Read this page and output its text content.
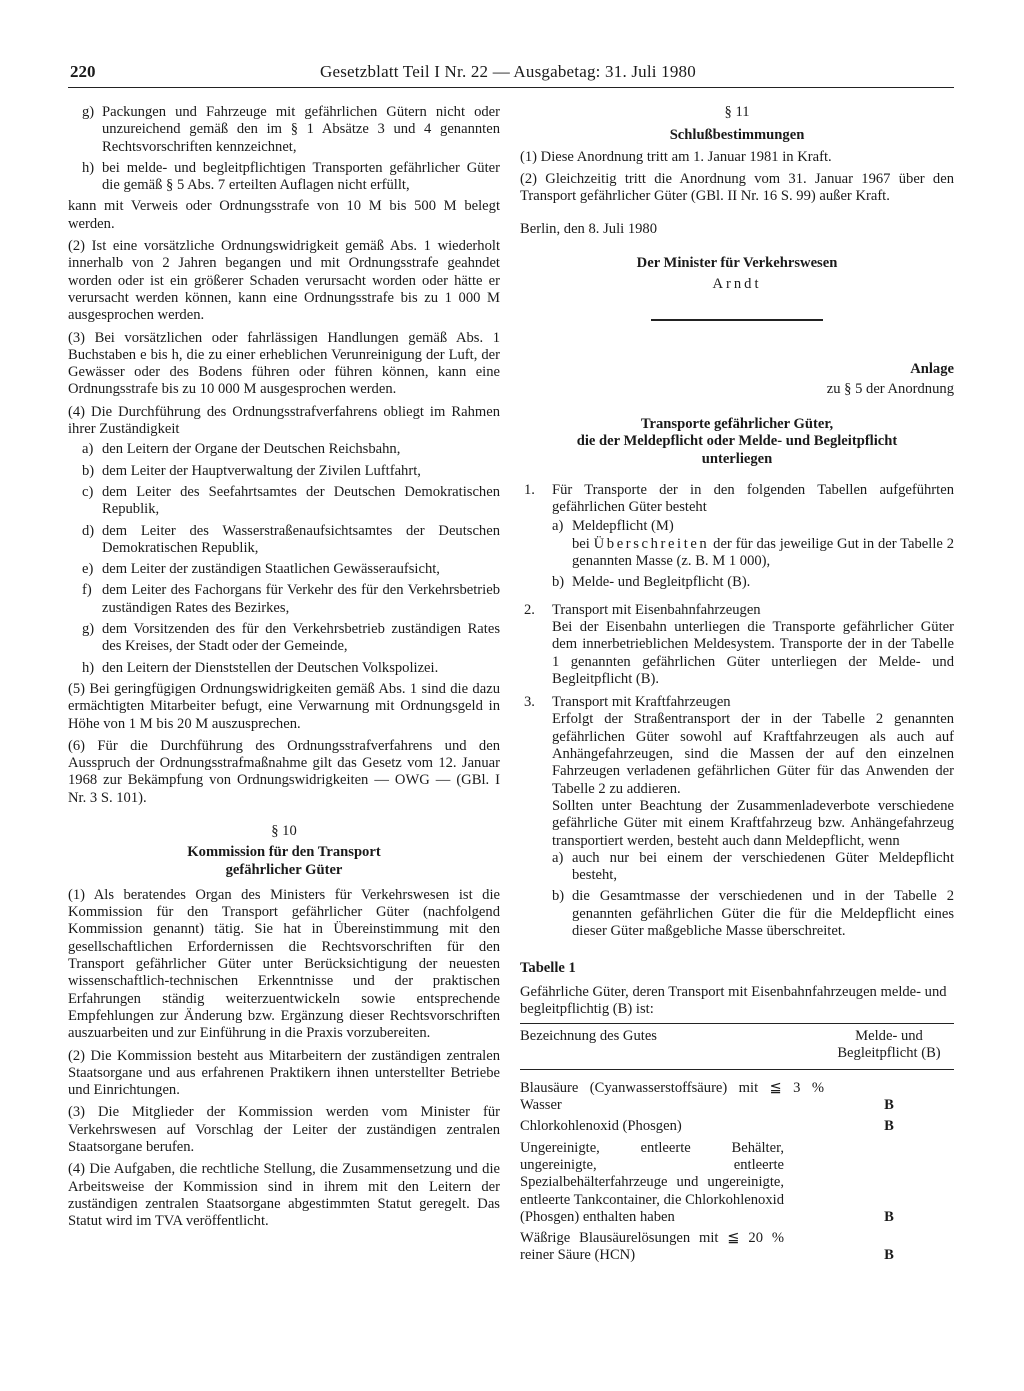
220	Gesetzblatt Teil I Nr. 22 — Ausgabetag: 31. Juli 1980
g) Packungen und Fahrzeuge mit gefährlichen Gütern nicht oder unzureichend gemäß den im § 1 Absätze 3 und 4 genannten Rechtsvorschriften kennzeichnet,
h) bei melde- und begleitpflichtigen Transporten gefährlicher Güter die gemäß § 5 Abs. 7 erteilten Auflagen nicht erfüllt,

kann mit Verweis oder Ordnungsstrafe von 10 M bis 500 M belegt werden.

(2) Ist eine vorsätzliche Ordnungswidrigkeit gemäß Abs. 1 wiederholt innerhalb von 2 Jahren begangen und mit Ordnungsstrafe geahndet worden oder ist ein größerer Schaden verursacht worden oder hätte er verursacht werden können, kann eine Ordnungsstrafe bis zu 1 000 M ausgesprochen werden.

(3) Bei vorsätzlichen oder fahrlässigen Handlungen gemäß Abs. 1 Buchstaben e bis h, die zu einer erheblichen Verunreinigung der Luft, der Gewässer oder des Bodens führen oder führen können, kann eine Ordnungsstrafe bis zu 10 000 M ausgesprochen werden.

(4) Die Durchführung des Ordnungsstrafverfahrens obliegt im Rahmen ihrer Zuständigkeit

a) den Leitern der Organe der Deutschen Reichsbahn,
b) dem Leiter der Hauptverwaltung der Zivilen Luftfahrt,
c) dem Leiter des Seefahrtsamtes der Deutschen Demokratischen Republik,
d) dem Leiter des Wasserstraßenaufsichtsamtes der Deutschen Demokratischen Republik,
e) dem Leiter der zuständigen Staatlichen Gewässeraufsicht,
f) dem Leiter des Fachorgans für Verkehr des für den Verkehrsbetrieb zuständigen Rates des Bezirkes,
g) dem Vorsitzenden des für den Verkehrsbetrieb zuständigen Rates des Kreises, der Stadt oder der Gemeinde,
h) den Leitern der Dienststellen der Deutschen Volkspolizei.

(5) Bei geringfügigen Ordnungswidrigkeiten gemäß Abs. 1 sind die dazu ermächtigten Mitarbeiter befugt, eine Verwarnung mit Ordnungsgeld in Höhe von 1 M bis 20 M auszusprechen.

(6) Für die Durchführung des Ordnungsstrafverfahrens und den Ausspruch der Ordnungsstrafmaßnahme gilt das Gesetz vom 12. Januar 1968 zur Bekämpfung von Ordnungswidrigkeiten — OWG — (GBl. I Nr. 3 S. 101).

§ 10
Kommission für den Transport
gefährlicher Güter

(1) Als beratendes Organ des Ministers für Verkehrswesen ist die Kommission für den Transport gefährlicher Güter (nachfolgend Kommission genannt) tätig. Sie hat in Übereinstimmung mit den gesellschaftlichen Erfordernissen die Rechtsvorschriften für den Transport gefährlicher Güter unter Berücksichtigung der neuesten wissenschaftlich-technischen Erkenntnisse und der praktischen Erfahrungen ständig weiterzuentwickeln sowie entsprechende Empfehlungen zur Änderung bzw. Ergänzung dieser Rechtsvorschriften auszuarbeiten und zur Einführung in die Praxis vorzubereiten.

(2) Die Kommission besteht aus Mitarbeitern der zuständigen zentralen Staatsorgane und aus erfahrenen Praktikern ihnen unterstellter Betriebe und Einrichtungen.

(3) Die Mitglieder der Kommission werden vom Minister für Verkehrswesen auf Vorschlag der Leiter der zuständigen zentralen Staatsorgane berufen.

(4) Die Aufgaben, die rechtliche Stellung, die Zusammensetzung und die Arbeitsweise der Kommission sind in ihrem mit den Leitern der zuständigen zentralen Staatsorgane abgestimmten Statut geregelt. Das Statut wird im TVA veröffentlicht.

§ 11
Schlußbestimmungen

(1) Diese Anordnung tritt am 1. Januar 1981 in Kraft.

(2) Gleichzeitig tritt die Anordnung vom 31. Januar 1967 über den Transport gefährlicher Güter (GBl. II Nr. 16 S. 99) außer Kraft.

Berlin, den 8. Juli 1980

Der Minister für Verkehrswesen
Arndt

Anlage

zu § 5 der Anordnung

Transporte gefährlicher Güter,
die der Meldepflicht oder Melde- und Begleitpflicht
unterliegen
1.	Für Transporte der in den folgenden Tabellen aufgeführten gefährlichen Güter besteht
a) Meldepflicht (M)
bei Überschreiten der für das jeweilige Gut in der Tabelle 2 genannten Masse (z. B. M 1 000),
b) Melde- und Begleitpflicht (B).
2.	Transport mit Eisenbahnfahrzeugen
Bei der Eisenbahn unterliegen die Transporte gefährlicher Güter dem innerbetrieblichen Meldesystem. Transporte der in der Tabelle 1 genannten gefährlichen Güter unterliegen der Melde- und Begleitpflicht (B).
3.	Transport mit Kraftfahrzeugen
Erfolgt der Straßentransport der in der Tabelle 2 genannten gefährlichen Güter sowohl auf Kraftfahrzeugen als auch auf Anhängefahrzeugen, sind die Massen der auf den einzelnen Fahrzeugen verladenen gefährlichen Güter für das Anwenden der Tabelle 2 zu addieren.
Sollten unter Beachtung der Zusammenladeverbote verschiedene gefährliche Güter mit einem Kraftfahrzeug bzw. Anhängefahrzeug transportiert werden, besteht auch dann Meldepflicht, wenn
a) auch nur bei einem der verschiedenen Güter Meldepflicht besteht,
b) die Gesamtmasse der verschiedenen und in der Tabelle 2 genannten gefährlichen Güter die für die Meldepflicht eines dieser Güter maßgebliche Masse überschreitet.
Tabelle 1

Gefährliche Güter, deren Transport mit Eisenbahnfahrzeugen melde- und begleitpflichtig (B) ist:

Bezeichnung des Gutes	Melde- und
Begleitpflicht (B)

Blausäure (Cyanwasserstoffsäure) mit ≦ 3 % Wasser	B
Chlorkohlenoxid (Phosgen)	B
Ungereinigte, entleerte Behälter, ungereinigte, entleerte Spezialbehälterfahrzeuge und ungereinigte, entleerte Tankcontainer, die Chlorkohlenoxid (Phosgen) enthalten haben	B
Wäßrige Blausäurelösungen mit ≦ 20 % reiner Säure (HCN)	B
